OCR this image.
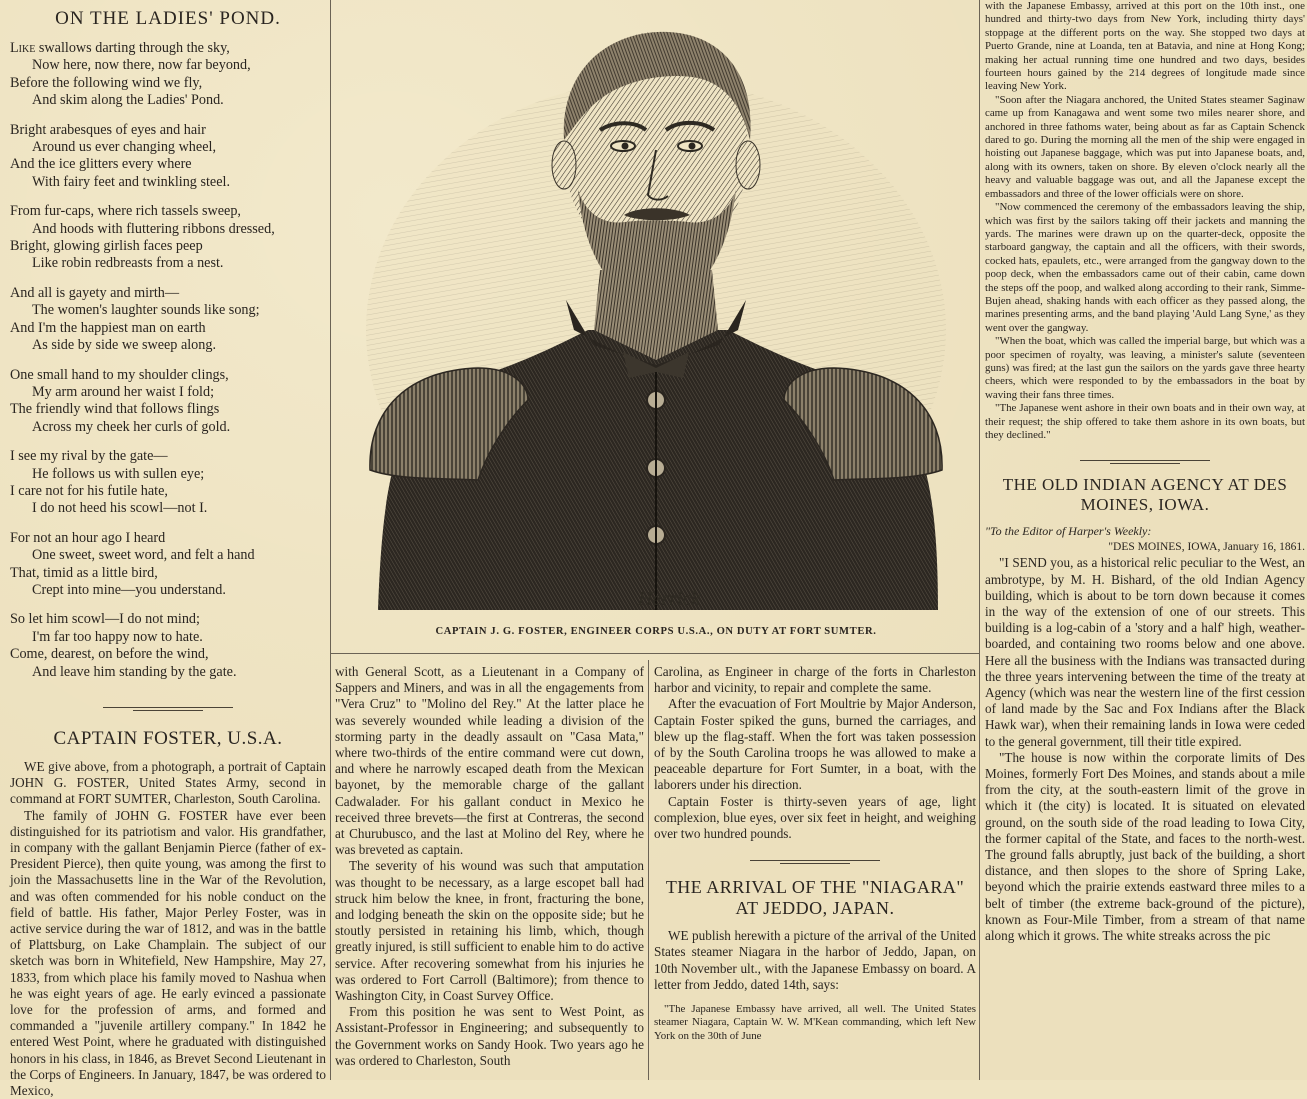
ON THE LADIES' POND.
Like swallows darting through the sky,
Now here, now there, now far beyond,
Before the following wind we fly,
And skim along the Ladies' Pond.
Bright arabesques of eyes and hair
Around us ever changing wheel,
And the ice glitters every where
With fairy feet and twinkling steel.
From fur-caps, where rich tassels sweep,
And hoods with fluttering ribbons dressed,
Bright, glowing girlish faces peep
Like robin redbreasts from a nest.
And all is gayety and mirth—
The women's laughter sounds like song;
And I'm the happiest man on earth
As side by side we sweep along.
One small hand to my shoulder clings,
My arm around her waist I fold;
The friendly wind that follows flings
Across my cheek her curls of gold.
I see my rival by the gate—
He follows us with sullen eye;
I care not for his futile hate,
I do not heed his scowl—not I.
For not an hour ago I heard
One sweet, sweet word, and felt a hand
That, timid as a little bird,
Crept into mine—you understand.
So let him scowl—I do not mind;
I'm far too happy now to hate.
Come, dearest, on before the wind,
And leave him standing by the gate.
CAPTAIN FOSTER, U.S.A.

WE give above, from a photograph, a portrait of Captain JOHN G. FOSTER, United States Army, second in command at FORT SUMTER, Charleston, South Carolina.

The family of JOHN G. FOSTER have ever been distinguished for its patriotism and valor. His grandfather, in company with the gallant Benjamin Pierce (father of ex-President Pierce), then quite young, was among the first to join the Massachusetts line in the War of the Revolution, and was often commended for his noble conduct on the field of battle. His father, Major Perley Foster, was in active service during the war of 1812, and was in the battle of Plattsburg, on Lake Champlain. The subject of our sketch was born in Whitefield, New Hampshire, May 27, 1833, from which place his family moved to Nashua when he was eight years of age. He early evinced a passionate love for the profession of arms, and formed and commanded a "juvenile artillery company." In 1842 he entered West Point, where he graduated with distinguished honors in his class, in 1846, as Brevet Second Lieutenant in the Corps of Engineers. In January, 1847, be was ordered to Mexico,

Herrick
CAPTAIN J. G. FOSTER, ENGINEER CORPS U.S.A., ON DUTY AT FORT SUMTER.

with General Scott, as a Lieutenant in a Company of Sappers and Miners, and was in all the engagements from "Vera Cruz" to "Molino del Rey." At the latter place he was severely wounded while leading a division of the storming party in the deadly assault on "Casa Mata," where two-thirds of the entire command were cut down, and where he narrowly escaped death from the Mexican bayonet, by the memorable charge of the gallant Cadwalader. For his gallant conduct in Mexico he received three brevets—the first at Contreras, the second at Churubusco, and the last at Molino del Rey, where he was breveted as captain.

The severity of his wound was such that amputation was thought to be necessary, as a large escopet ball had struck him below the knee, in front, fracturing the bone, and lodging beneath the skin on the opposite side; but he stoutly persisted in retaining his limb, which, though greatly injured, is still sufficient to enable him to do active service. After recovering somewhat from his injuries he was ordered to Fort Carroll (Baltimore); from thence to Washington City, in Coast Survey Office.

From this position he was sent to West Point, as Assistant-Professor in Engineering; and subsequently to the Government works on Sandy Hook. Two years ago he was ordered to Charleston, South

Carolina, as Engineer in charge of the forts in Charleston harbor and vicinity, to repair and complete the same.

After the evacuation of Fort Moultrie by Major Anderson, Captain Foster spiked the guns, burned the carriages, and blew up the flag-staff. When the fort was taken possession of by the South Carolina troops he was allowed to make a peaceable departure for Fort Sumter, in a boat, with the laborers under his direction.

Captain Foster is thirty-seven years of age, light complexion, blue eyes, over six feet in height, and weighing over two hundred pounds.

THE ARRIVAL OF THE "NIAGARA" AT JEDDO, JAPAN.

WE publish herewith a picture of the arrival of the United States steamer Niagara in the harbor of Jeddo, Japan, on 10th November ult., with the Japanese Embassy on board. A letter from Jeddo, dated 14th, says:

"The Japanese Embassy have arrived, all well. The United States steamer Niagara, Captain W. W. M'Kean commanding, which left New York on the 30th of June

with the Japanese Embassy, arrived at this port on the 10th inst., one hundred and thirty-two days from New York, including thirty days' stoppage at the different ports on the way. She stopped two days at Puerto Grande, nine at Loanda, ten at Batavia, and nine at Hong Kong; making her actual running time one hundred and two days, besides fourteen hours gained by the 214 degrees of longitude made since leaving New York.

"Soon after the Niagara anchored, the United States steamer Saginaw came up from Kanagawa and went some two miles nearer shore, and anchored in three fathoms water, being about as far as Captain Schenck dared to go. During the morning all the men of the ship were engaged in hoisting out Japanese baggage, which was put into Japanese boats, and, along with its owners, taken on shore. By eleven o'clock nearly all the heavy and valuable baggage was out, and all the Japanese except the embassadors and three of the lower officials were on shore.

"Now commenced the ceremony of the embassadors leaving the ship, which was first by the sailors taking off their jackets and manning the yards. The marines were drawn up on the quarter-deck, opposite the starboard gangway, the captain and all the officers, with their swords, cocked hats, epaulets, etc., were arranged from the gangway down to the poop deck, when the embassadors came out of their cabin, came down the steps off the poop, and walked along according to their rank, Simme-Bujen ahead, shaking hands with each officer as they passed along, the marines presenting arms, and the band playing 'Auld Lang Syne,' as they went over the gangway.

"When the boat, which was called the imperial barge, but which was a poor specimen of royalty, was leaving, a minister's salute (seventeen guns) was fired; at the last gun the sailors on the yards gave three hearty cheers, which were responded to by the embassadors in the boat by waving their fans three times.

"The Japanese went ashore in their own boats and in their own way, at their request; the ship offered to take them ashore in its own boats, but they declined."

THE OLD INDIAN AGENCY AT DES MOINES, IOWA.
"To the Editor of Harper's Weekly:
"DES MOINES, IOWA, January 16, 1861.

"I SEND you, as a historical relic peculiar to the West, an ambrotype, by M. H. Bishard, of the old Indian Agency building, which is about to be torn down because it comes in the way of the extension of one of our streets. This building is a log-cabin of a 'story and a half' high, weather-boarded, and containing two rooms below and one above. Here all the business with the Indians was transacted during the three years intervening between the time of the treaty at Agency (which was near the western line of the first cession of land made by the Sac and Fox Indians after the Black Hawk war), when their remaining lands in Iowa were ceded to the general government, till their title expired.

"The house is now within the corporate limits of Des Moines, formerly Fort Des Moines, and stands about a mile from the city, at the south-eastern limit of the grove in which it (the city) is located. It is situated on elevated ground, on the south side of the road leading to Iowa City, the former capital of the State, and faces to the north-west. The ground falls abruptly, just back of the building, a short distance, and then slopes to the shore of Spring Lake, beyond which the prairie extends eastward three miles to a belt of timber (the extreme back-ground of the picture), known as Four-Mile Timber, from a stream of that name along which it grows. The white streaks across the pic
